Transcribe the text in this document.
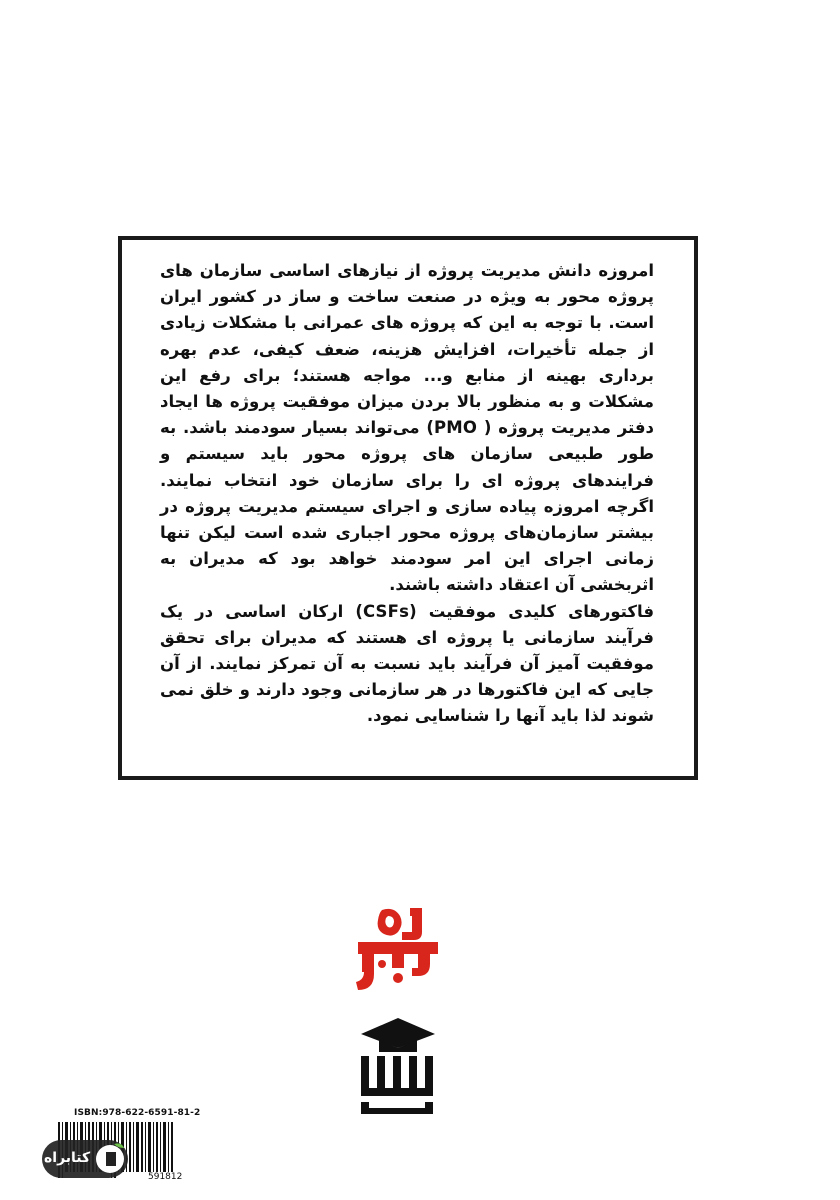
امروزه دانش مدیریت پروژه از نیازهای اساسی سازمان های پروژه محور به ویژه در صنعت ساخت و ساز در کشور ایران است. با توجه به این که پروژه های عمرانی با مشکلات زیادی از جمله تأخیرات، افزایش هزینه، ضعف کیفی، عدم بهره برداری بهینه از منابع و... مواجه هستند؛ برای رفع این مشکلات و به منظور بالا بردن میزان موفقیت پروژه ها ایجاد دفتر مدیریت پروژه ( PMO) می‌تواند بسیار سودمند باشد. به طور طبیعی سازمان های پروژه محور باید سیستم و فرایندهای پروژه ای را برای سازمان خود انتخاب نمایند. اگرچه امروزه پیاده سازی و اجرای سیستم مدیریت پروژه در بیشتر سازمان‌های پروژه محور اجباری شده است لیکن تنها زمانی اجرای این امر سودمند خواهد بود که مدیران به اثربخشی آن اعتقاد داشته باشند.

فاکتورهای کلیدی موفقیت (CSFs) ارکان اساسی در یک فرآیند سازمانی یا پروژه ای هستند که مدیران برای تحقق موفقیت آمیز آن فرآیند باید نسبت به آن تمرکز نمایند. از آن جایی که این فاکتورها در هر سازمانی وجود دارند و خلق نمی شوند لذا باید آنها را شناسایی نمود.

ISBN:978-622-6591-81-2
591812
کتابراه
